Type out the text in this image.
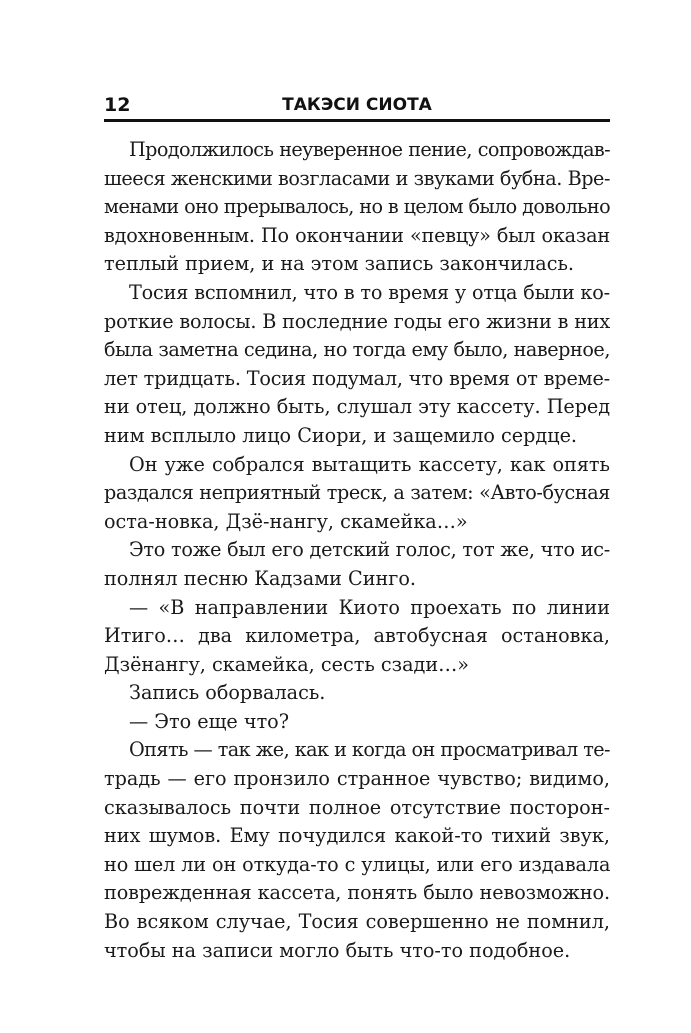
12	ТАКЭСИ СИОТА
Продолжилось неуверенное пение, сопровождав-
шееся женскими возгласами и звуками бубна. Вре-
менами оно прерывалось, но в целом было довольно
вдохновенным. По окончании «певцу» был оказан
теплый прием, и на этом запись закончилась.
Тосия вспомнил, что в то время у отца были ко-
роткие волосы. В последние годы его жизни в них
была заметна седина, но тогда ему было, наверное,
лет тридцать. Тосия подумал, что время от време-
ни отец, должно быть, слушал эту кассету. Перед
ним всплыло лицо Сиори, и защемило сердце.
Он уже собрался вытащить кассету, как опять
раздался неприятный треск, а затем: «Авто-бусная
оста-новка, Дзё-нангу, скамейка…»
Это тоже был его детский голос, тот же, что ис-
полнял песню Кадзами Синго.
— «В направлении Киото проехать по линии
Итиго… два километра, автобусная остановка,
Дзёнангу, скамейка, сесть сзади…»
Запись оборвалась.
— Это еще что?
Опять — так же, как и когда он просматривал те-
традь — его пронзило странное чувство; видимо,
сказывалось почти полное отсутствие посторон-
них шумов. Ему почудился какой-то тихий звук,
но шел ли он откуда-то с улицы, или его издавала
поврежденная кассета, понять было невозможно.
Во всяком случае, Тосия совершенно не помнил,
чтобы на записи могло быть что-то подобное.
